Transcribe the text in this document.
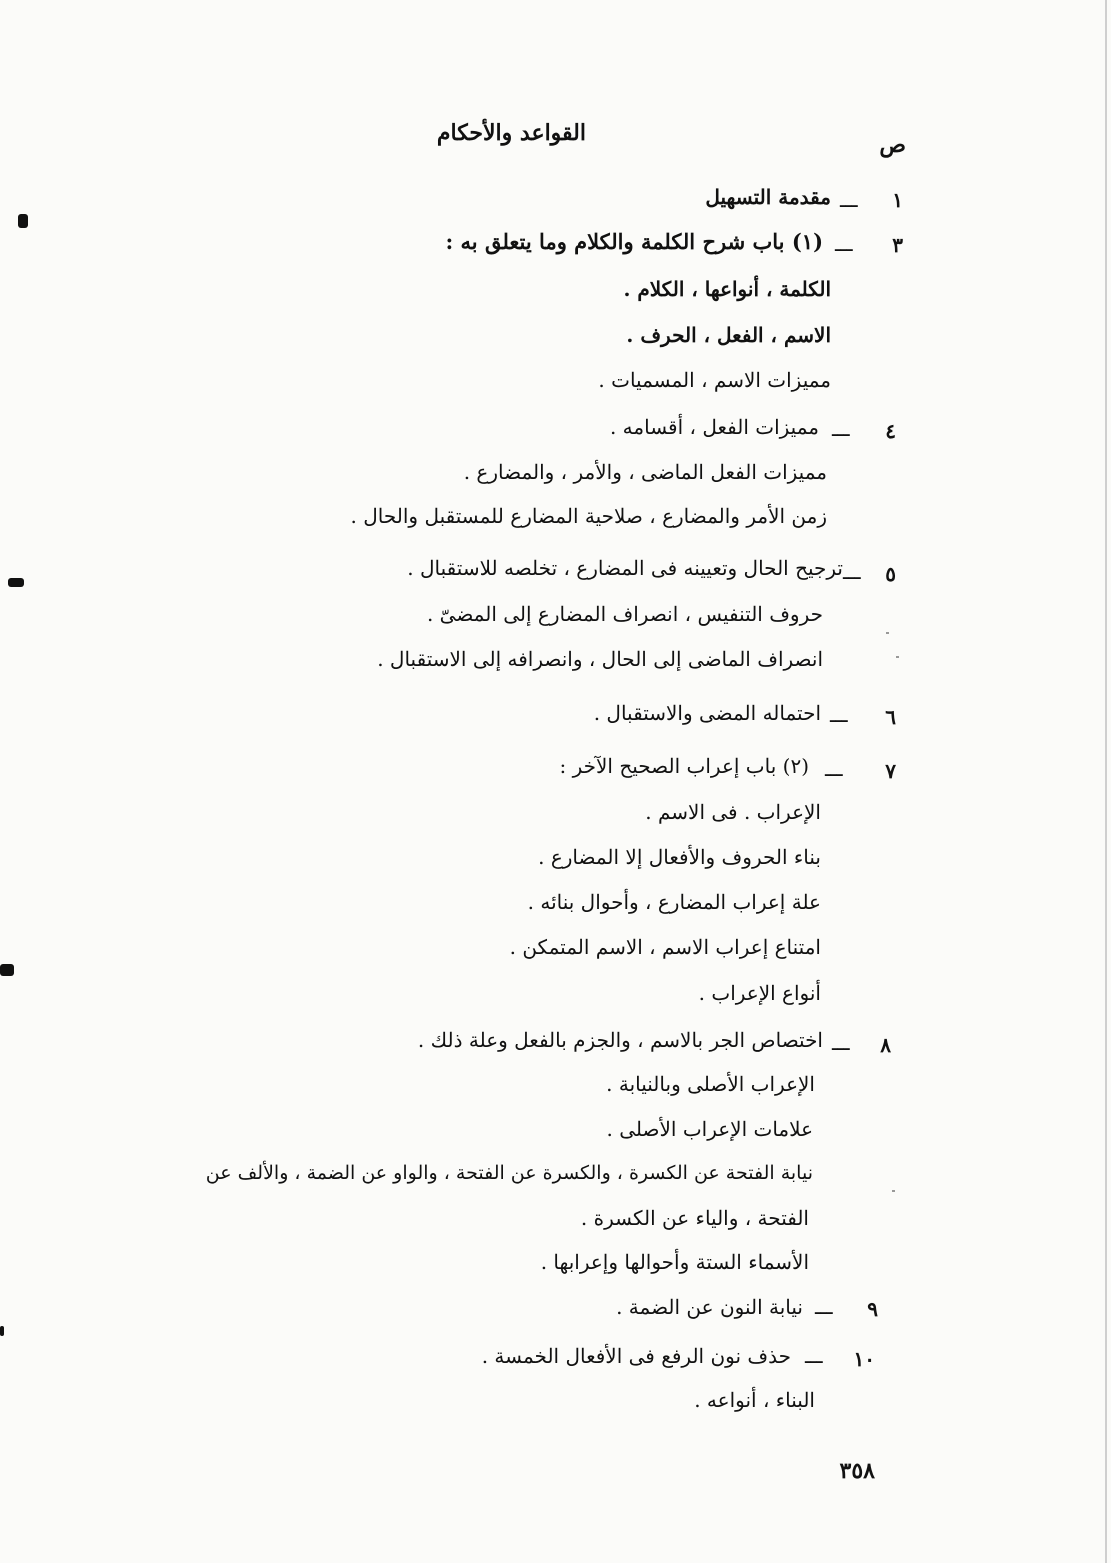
القواعد والأحكام	ص
١
ـــ
مقدمة التسهيل
٣
ـــ
(١) باب شرح الكلمة والكلام وما يتعلق به :
الكلمة ، أنواعها ، الكلام .
الاسم ، الفعل ، الحرف .
مميزات الاسم ، المسميات .
٤
ـــ
مميزات الفعل ، أقسامه .
مميزات الفعل الماضى ، والأمر ، والمضارع .
زمن الأمر والمضارع ، صلاحية المضارع للمستقبل والحال .
٥
ـــ
ترجيح الحال وتعيينه فى المضارع ، تخلصه للاستقبال .
حروف التنفيس ، انصراف المضارع إلى المضىّ .
انصراف الماضى إلى الحال ، وانصرافه إلى الاستقبال .
٦
ـــ
احتماله المضى والاستقبال .
٧
ـــ
(٢) باب إعراب الصحيح الآخر :
الإعراب . فى الاسم .
بناء الحروف والأفعال إلا المضارع .
علة إعراب المضارع ، وأحوال بنائه .
امتناع إعراب الاسم ، الاسم المتمكن .
أنواع الإعراب .
٨
ـــ
اختصاص الجر بالاسم ، والجزم بالفعل وعلة ذلك .
الإعراب الأصلى وبالنيابة .
علامات الإعراب الأصلى .
نيابة الفتحة عن الكسرة ، والكسرة عن الفتحة ، والواو عن الضمة ، والألف عن
الفتحة ، والياء عن الكسرة .
الأسماء الستة وأحوالها وإعرابها .
٩
ـــ
نيابة النون عن الضمة .
١٠
ـــ
حذف نون الرفع فى الأفعال الخمسة .
البناء ، أنواعه .
٣٥٨
